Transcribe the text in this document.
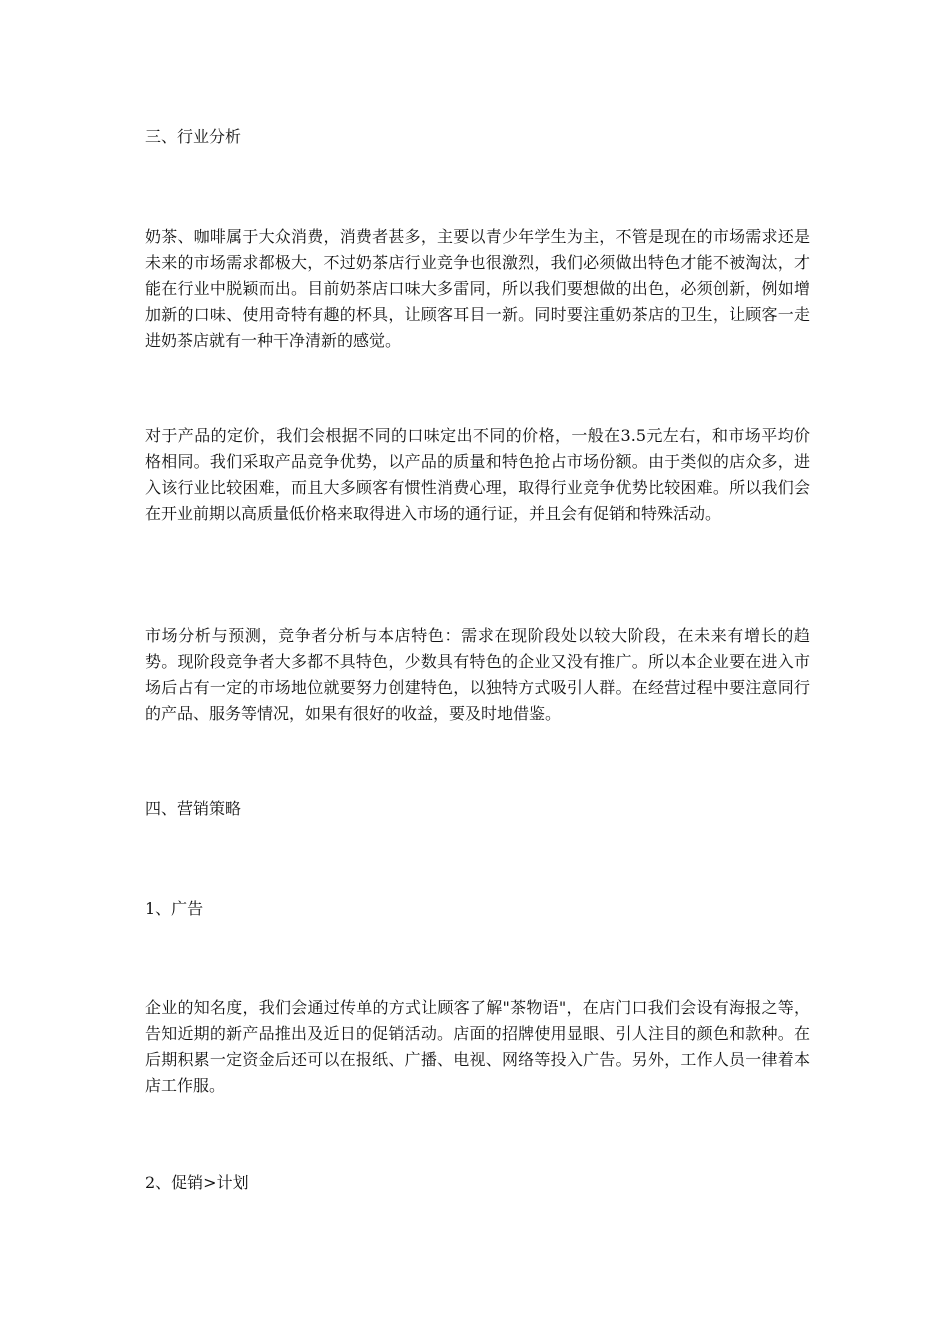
三、行业分析

奶茶、咖啡属于大众消费，消费者甚多，主要以青少年学生为主，不管是现在的市场需求还是未来的市场需求都极大，不过奶茶店行业竞争也很激烈，我们必须做出特色才能不被淘汰，才能在行业中脱颖而出。目前奶茶店口味大多雷同，所以我们要想做的出色，必须创新，例如增加新的口味、使用奇特有趣的杯具，让顾客耳目一新。同时要注重奶茶店的卫生，让顾客一走进奶茶店就有一种干净清新的感觉。

对于产品的定价，我们会根据不同的口味定出不同的价格，一般在3.5元左右，和市场平均价格相同。我们采取产品竞争优势，以产品的质量和特色抢占市场份额。由于类似的店众多，进入该行业比较困难，而且大多顾客有惯性消费心理，取得行业竞争优势比较困难。所以我们会在开业前期以高质量低价格来取得进入市场的通行证，并且会有促销和特殊活动。

市场分析与预测，竞争者分析与本店特色：需求在现阶段处以较大阶段，在未来有增长的趋势。现阶段竞争者大多都不具特色，少数具有特色的企业又没有推广。所以本企业要在进入市场后占有一定的市场地位就要努力创建特色，以独特方式吸引人群。在经营过程中要注意同行的产品、服务等情况，如果有很好的收益，要及时地借鉴。

四、营销策略

1、广告

企业的知名度，我们会通过传单的方式让顾客了解"茶物语"，在店门口我们会设有海报之等，告知近期的新产品推出及近日的促销活动。店面的招牌使用显眼、引人注目的颜色和款种。在后期积累一定资金后还可以在报纸、广播、电视、网络等投入广告。另外，工作人员一律着本店工作服。

2、促销>计划
